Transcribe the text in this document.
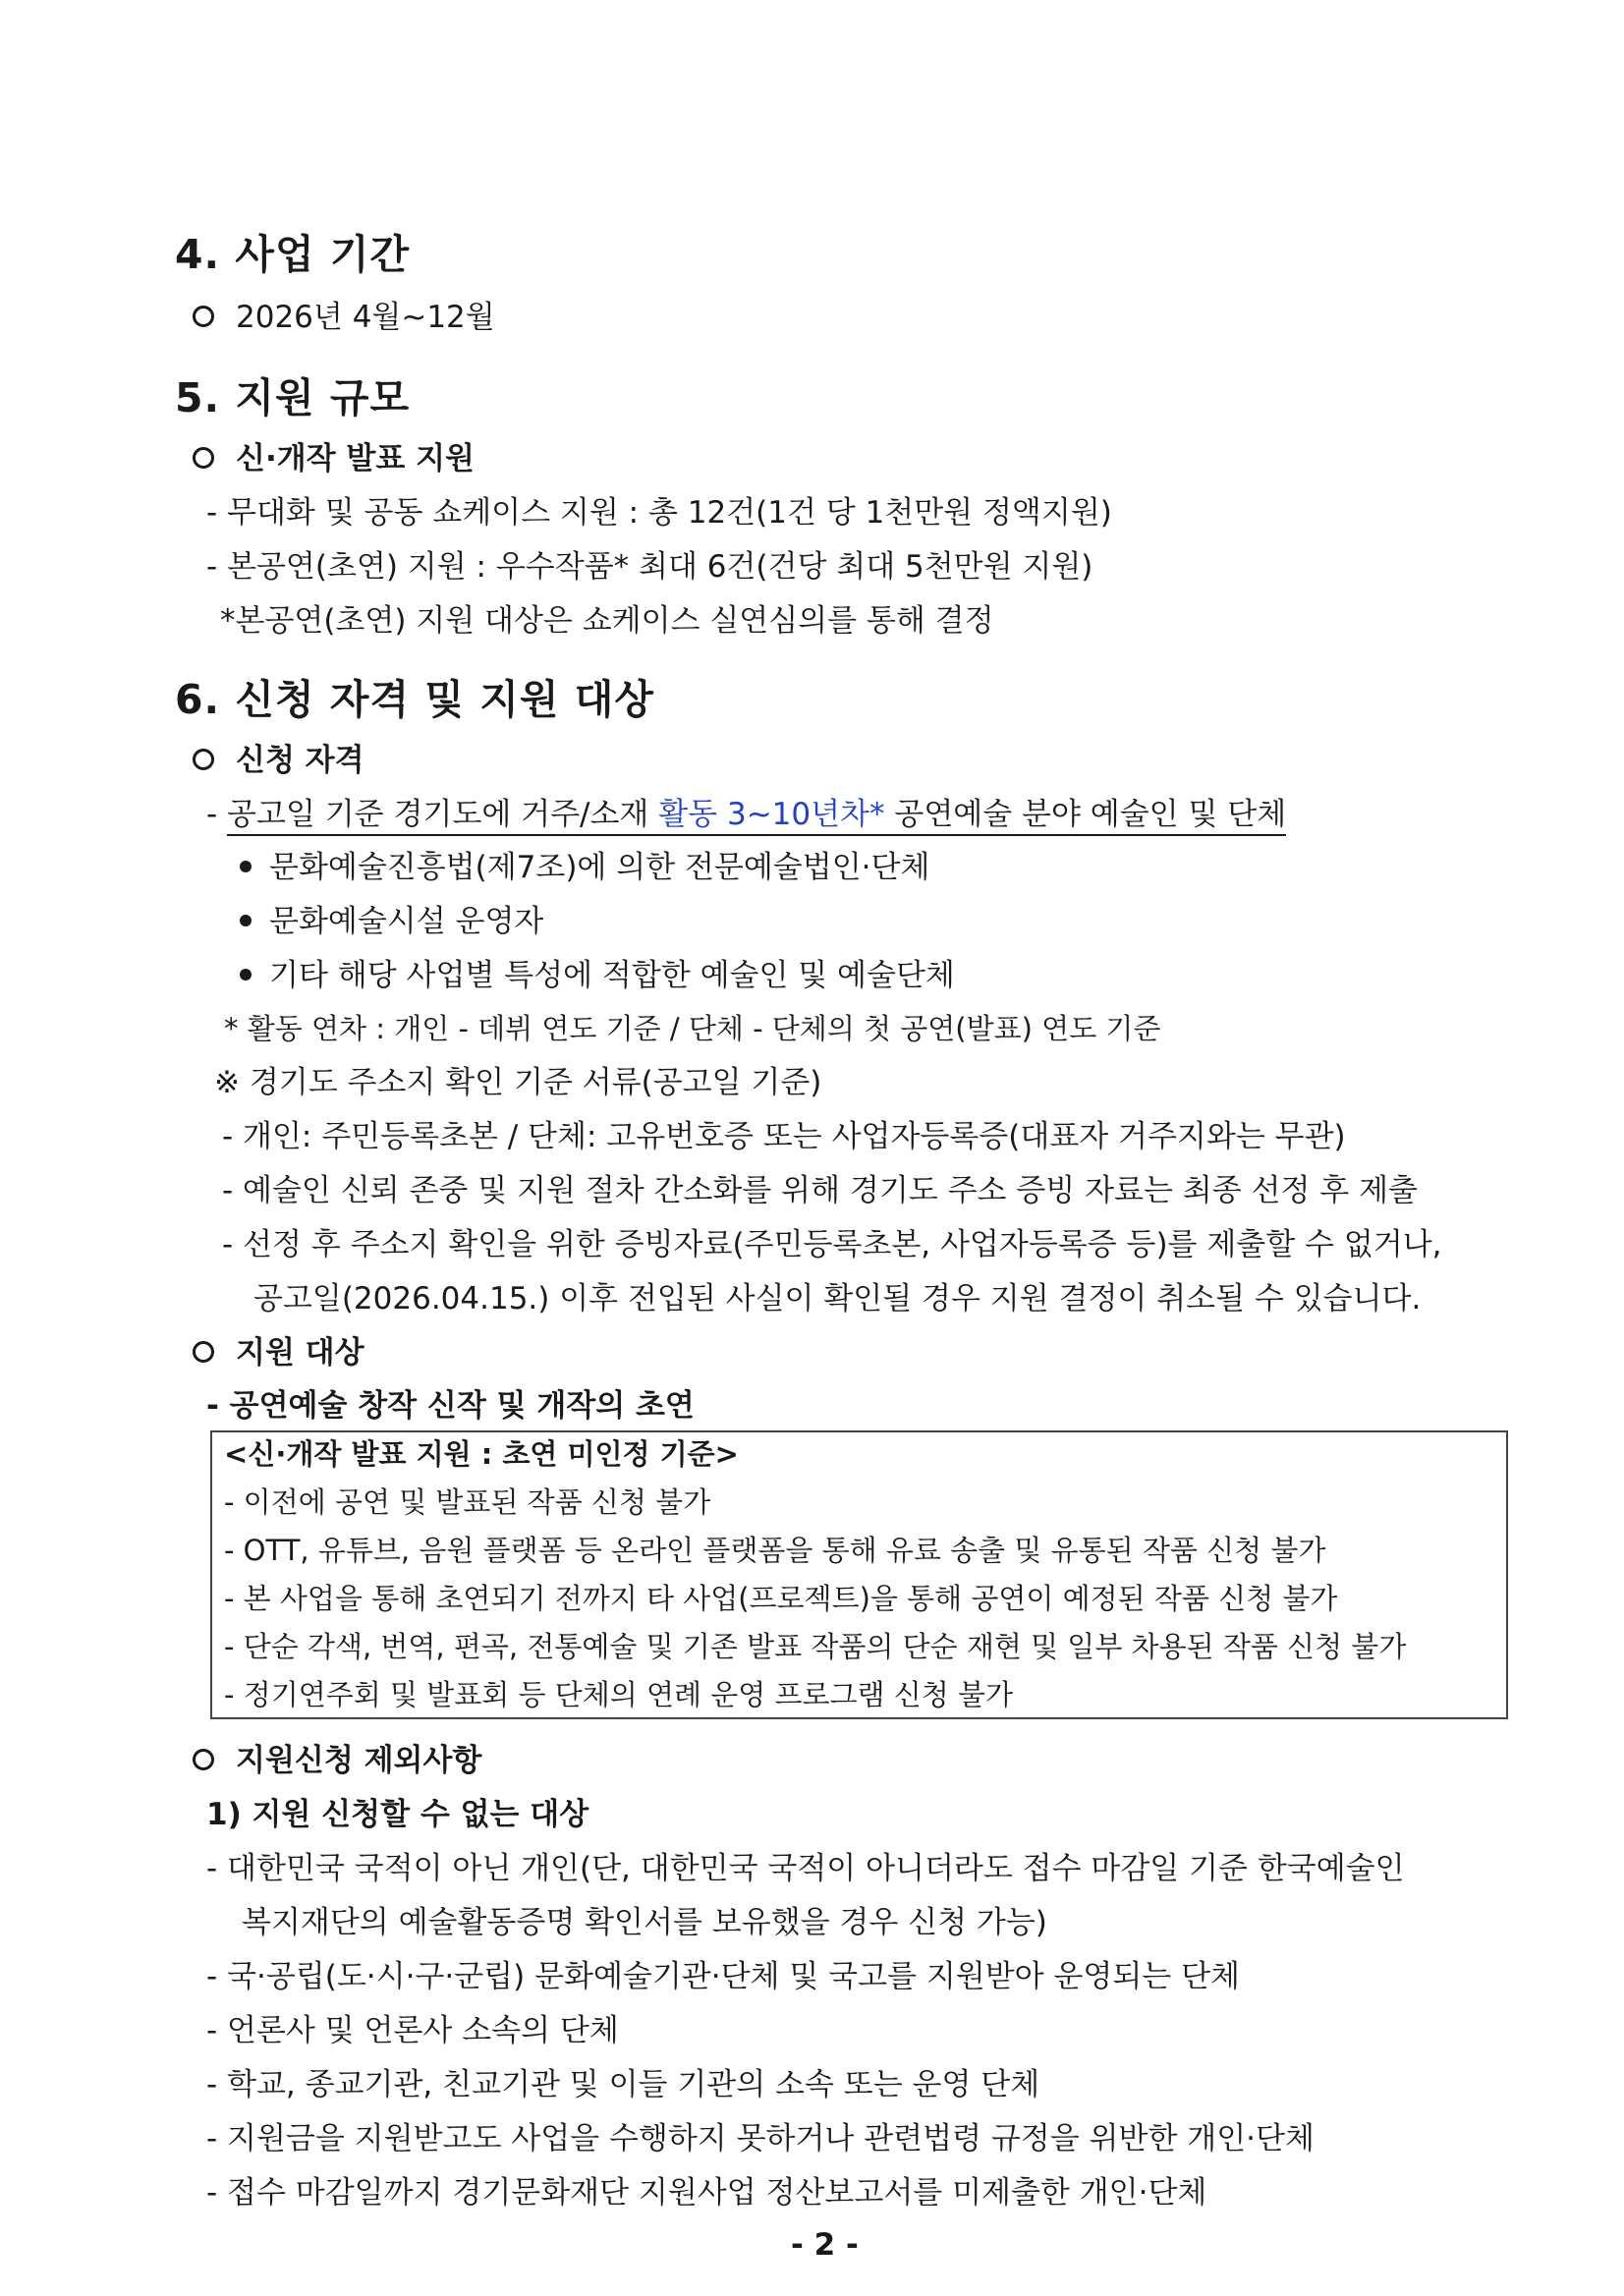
4. 사업 기간
2026년 4월~12월
5. 지원 규모
신·개작 발표 지원
- 무대화 및 공동 쇼케이스 지원 : 총 12건(1건 당 1천만원 정액지원)
- 본공연(초연) 지원 : 우수작품* 최대 6건(건당 최대 5천만원 지원)
*본공연(초연) 지원 대상은 쇼케이스 실연심의를 통해 결정
6. 신청 자격 및 지원 대상
신청 자격
- 공고일 기준 경기도에 거주/소재 활동 3~10년차* 공연예술 분야 예술인 및 단체
문화예술진흥법(제7조)에 의한 전문예술법인·단체
문화예술시설 운영자
기타 해당 사업별 특성에 적합한 예술인 및 예술단체
* 활동 연차 : 개인 - 데뷔 연도 기준 / 단체 - 단체의 첫 공연(발표) 연도 기준
※ 경기도 주소지 확인 기준 서류(공고일 기준)
- 개인: 주민등록초본 / 단체: 고유번호증 또는 사업자등록증(대표자 거주지와는 무관)
- 예술인 신뢰 존중 및 지원 절차 간소화를 위해 경기도 주소 증빙 자료는 최종 선정 후 제출
- 선정 후 주소지 확인을 위한 증빙자료(주민등록초본, 사업자등록증 등)를 제출할 수 없거나,
공고일(2026.04.15.) 이후 전입된 사실이 확인될 경우 지원 결정이 취소될 수 있습니다.
지원 대상
- 공연예술 창작 신작 및 개작의 초연
<신·개작 발표 지원 : 초연 미인정 기준>
- 이전에 공연 및 발표된 작품 신청 불가
- OTT, 유튜브, 음원 플랫폼 등 온라인 플랫폼을 통해 유료 송출 및 유통된 작품 신청 불가
- 본 사업을 통해 초연되기 전까지 타 사업(프로젝트)을 통해 공연이 예정된 작품 신청 불가
- 단순 각색, 번역, 편곡, 전통예술 및 기존 발표 작품의 단순 재현 및 일부 차용된 작품 신청 불가
- 정기연주회 및 발표회 등 단체의 연례 운영 프로그램 신청 불가
지원신청 제외사항
1) 지원 신청할 수 없는 대상
- 대한민국 국적이 아닌 개인(단, 대한민국 국적이 아니더라도 접수 마감일 기준 한국예술인
복지재단의 예술활동증명 확인서를 보유했을 경우 신청 가능)
- 국·공립(도·시·구·군립) 문화예술기관·단체 및 국고를 지원받아 운영되는 단체
- 언론사 및 언론사 소속의 단체
- 학교, 종교기관, 친교기관 및 이들 기관의 소속 또는 운영 단체
- 지원금을 지원받고도 사업을 수행하지 못하거나 관련법령 규정을 위반한 개인·단체
- 접수 마감일까지 경기문화재단 지원사업 정산보고서를 미제출한 개인·단체
- 2 -
